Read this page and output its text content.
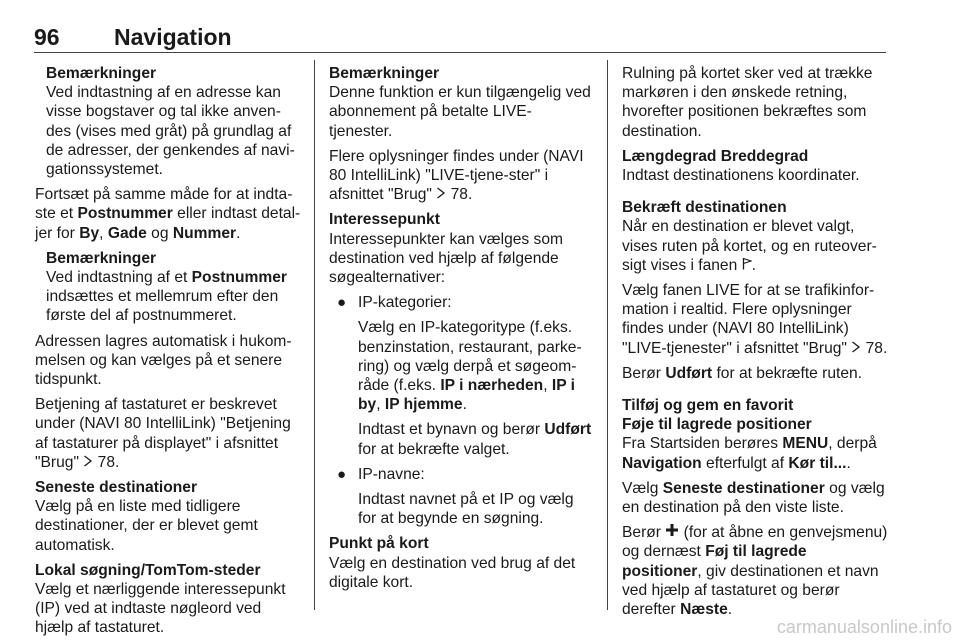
96 Navigation
Bemærkninger

Ved indtastning af en adresse kan visse bogstaver og tal ikke anven-des (vises med gråt) på grundlag af de adresser, der genkendes af navi-gationssystemet.

Fortsæt på samme måde for at indta-ste et Postnummer eller indtast detal-jer for By, Gade og Nummer.

Bemærkninger

Ved indtastning af et Postnummer indsættes et mellemrum efter den første del af postnummeret.

Adressen lagres automatisk i hukom-melsen og kan vælges på et senere tidspunkt.

Betjening af tastaturet er beskrevet under (NAVI 80 IntelliLink) "Betjening af tastaturer på displayet" i afsnittet "Brug"  78.

Seneste destinationer

Vælg på en liste med tidligere destinationer, der er blevet gemt automatisk.

Lokal søgning/TomTom-steder

Vælg et nærliggende interessepunkt (IP) ved at indtaste nøgleord ved hjælp af tastaturet.

Bemærkninger

Denne funktion er kun tilgængelig ved abonnement på betalte LIVE-tjenester.

Flere oplysninger findes under (NAVI 80 IntelliLink) "LIVE-tjene-ster" i afsnittet "Brug"  78.

Interessepunkt

Interessepunkter kan vælges som destination ved hjælp af følgende søgealternativer:

● IP-kategorier:

Vælg en IP-kategoritype (f.eks. benzinstation, restaurant, parke-ring) og vælg derpå et søgeom-råde (f.eks. IP i nærheden, IP i by, IP hjemme.

Indtast et bynavn og berør Udført for at bekræfte valget.

● IP-navne:

Indtast navnet på et IP og vælg for at begynde en søgning.

Punkt på kort

Vælg en destination ved brug af det digitale kort.

Rulning på kortet sker ved at trække markøren i den ønskede retning, hvorefter positionen bekræftes som destination.

Længdegrad Breddegrad

Indtast destinationens koordinater.

Bekræft destinationen

Når en destination er blevet valgt, vises ruten på kortet, og en ruteover-sigt vises i fanen .

Vælg fanen LIVE for at se trafikinfor-mation i realtid. Flere oplysninger findes under (NAVI 80 IntelliLink) "LIVE-tjenester" i afsnittet "Brug"  78.

Berør Udført for at bekræfte ruten.

Tilføj og gem en favorit
Føje til lagrede positioner

Fra Startsiden berøres MENU, derpå Navigation efterfulgt af Kør til....

Vælg Seneste destinationer og vælg en destination på den viste liste.

Berør  (for at åbne en genvejsmenu) og dernæst Føj til lagrede positioner, giv destinationen et navn ved hjælp af tastaturet og berør derefter Næste.

carmanualsonline.info
